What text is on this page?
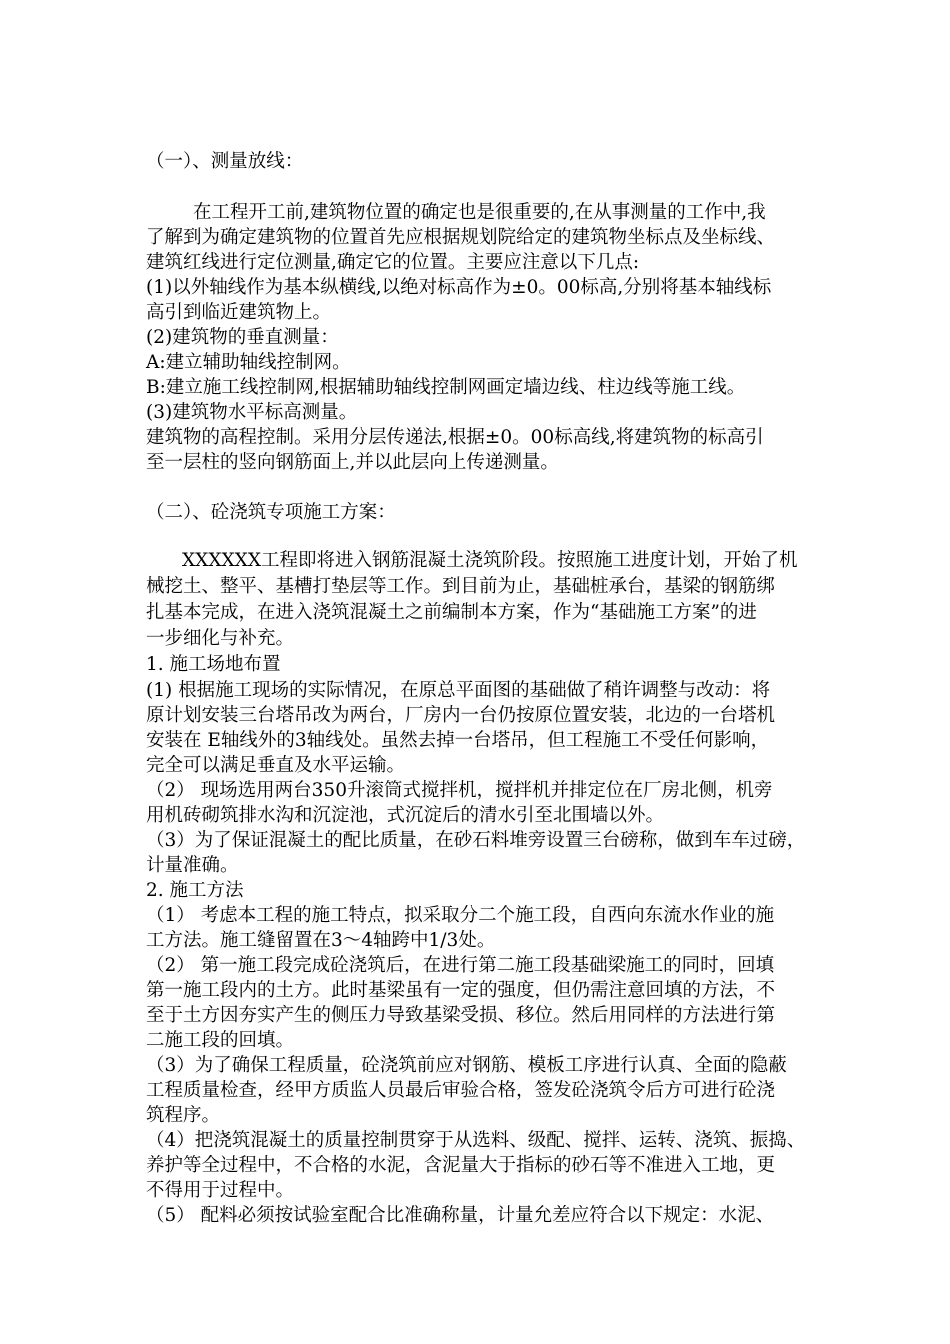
（一）、测量放线：
在工程开工前,建筑物位置的确定也是很重要的,在从事测量的工作中,我
了解到为确定建筑物的位置首先应根据规划院给定的建筑物坐标点及坐标线、
建筑红线进行定位测量,确定它的位置。主要应注意以下几点:
(1)以外轴线作为基本纵横线,以绝对标高作为±0。00标高,分别将基本轴线标
高引到临近建筑物上。
(2)建筑物的垂直测量：
A:建立辅助轴线控制网。
B:建立施工线控制网,根据辅助轴线控制网画定墙边线、柱边线等施工线。
(3)建筑物水平标高测量。
建筑物的高程控制。采用分层传递法,根据±0。00标高线,将建筑物的标高引
至一层柱的竖向钢筋面上,并以此层向上传递测量。
（二）、砼浇筑专项施工方案：
XXXXXX工程即将进入钢筋混凝土浇筑阶段。按照施工进度计划，开始了机
械挖土、整平、基槽打垫层等工作。到目前为止，基础桩承台，基梁的钢筋绑
扎基本完成，在进入浇筑混凝土之前编制本方案，作为“基础施工方案”的进
一步细化与补充。
1. 施工场地布置
(1) 根据施工现场的实际情况，在原总平面图的基础做了稍许调整与改动：将
原计划安装三台塔吊改为两台，厂房内一台仍按原位置安装，北边的一台塔机
安装在 E轴线外的3轴线处。虽然去掉一台塔吊，但工程施工不受任何影响，
完全可以满足垂直及水平运输。
（2） 现场选用两台350升滚筒式搅拌机，搅拌机并排定位在厂房北侧，机旁
用机砖砌筑排水沟和沉淀池，式沉淀后的清水引至北围墙以外。
（3）为了保证混凝土的配比质量，在砂石料堆旁设置三台磅称，做到车车过磅，
计量准确。
2. 施工方法
（1） 考虑本工程的施工特点，拟采取分二个施工段，自西向东流水作业的施
工方法。施工缝留置在3～4轴跨中1/3处。
（2） 第一施工段完成砼浇筑后，在进行第二施工段基础梁施工的同时，回填
第一施工段内的土方。此时基梁虽有一定的强度，但仍需注意回填的方法，不
至于土方因夯实产生的侧压力导致基梁受损、移位。然后用同样的方法进行第
二施工段的回填。
（3）为了确保工程质量，砼浇筑前应对钢筋、模板工序进行认真、全面的隐蔽
工程质量检查，经甲方质监人员最后审验合格，签发砼浇筑令后方可进行砼浇
筑程序。
（4）把浇筑混凝土的质量控制贯穿于从选料、级配、搅拌、运转、浇筑、振捣、
养护等全过程中，不合格的水泥，含泥量大于指标的砂石等不准进入工地，更
不得用于过程中。
（5） 配料必须按试验室配合比准确称量，计量允差应符合以下规定：水泥、
